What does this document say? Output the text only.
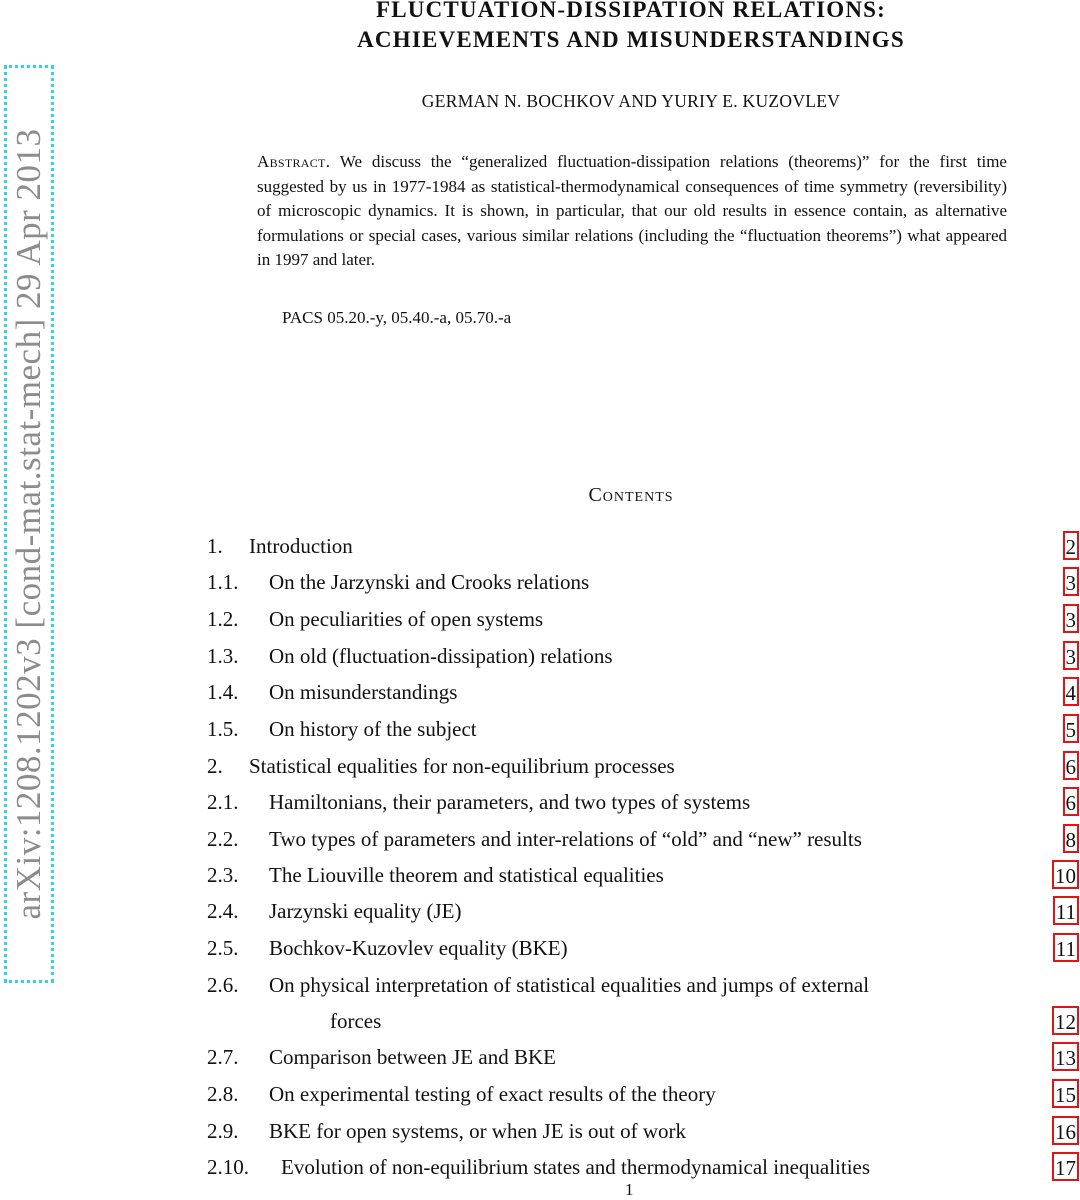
arXiv:1208.1202v3 [cond-mat.stat-mech] 29 Apr 2013
FLUCTUATION-DISSIPATION RELATIONS:
ACHIEVEMENTS AND MISUNDERSTANDINGS
GERMAN N. BOCHKOV AND YURIY E. KUZOVLEV
Abstract. We discuss the “generalized fluctuation-dissipation relations (theorems)” for the first time suggested by us in 1977-1984 as statistical-thermodynamical consequences of time symmetry (reversibility) of microscopic dynamics. It is shown, in particular, that our old results in essence contain, as alternative formulations or special cases, various similar relations (including the “fluctuation theorems”) what appeared in 1997 and later.
PACS 05.20.-y, 05.40.-a, 05.70.-a
Contents
1. Introduction	2
1.1. On the Jarzynski and Crooks relations	3
1.2. On peculiarities of open systems	3
1.3. On old (fluctuation-dissipation) relations	3
1.4. On misunderstandings	4
1.5. On history of the subject	5
2. Statistical equalities for non-equilibrium processes	6
2.1. Hamiltonians, their parameters, and two types of systems	6
2.2. Two types of parameters and inter-relations of “old” and “new” results	8
2.3. The Liouville theorem and statistical equalities	10
2.4. Jarzynski equality (JE)	11
2.5. Bochkov-Kuzovlev equality (BKE)	11
2.6. On physical interpretation of statistical equalities and jumps of external
forces	12
2.7. Comparison between JE and BKE	13
2.8. On experimental testing of exact results of the theory	15
2.9. BKE for open systems, or when JE is out of work	16
2.10. Evolution of non-equilibrium states and thermodynamical inequalities	17
1
